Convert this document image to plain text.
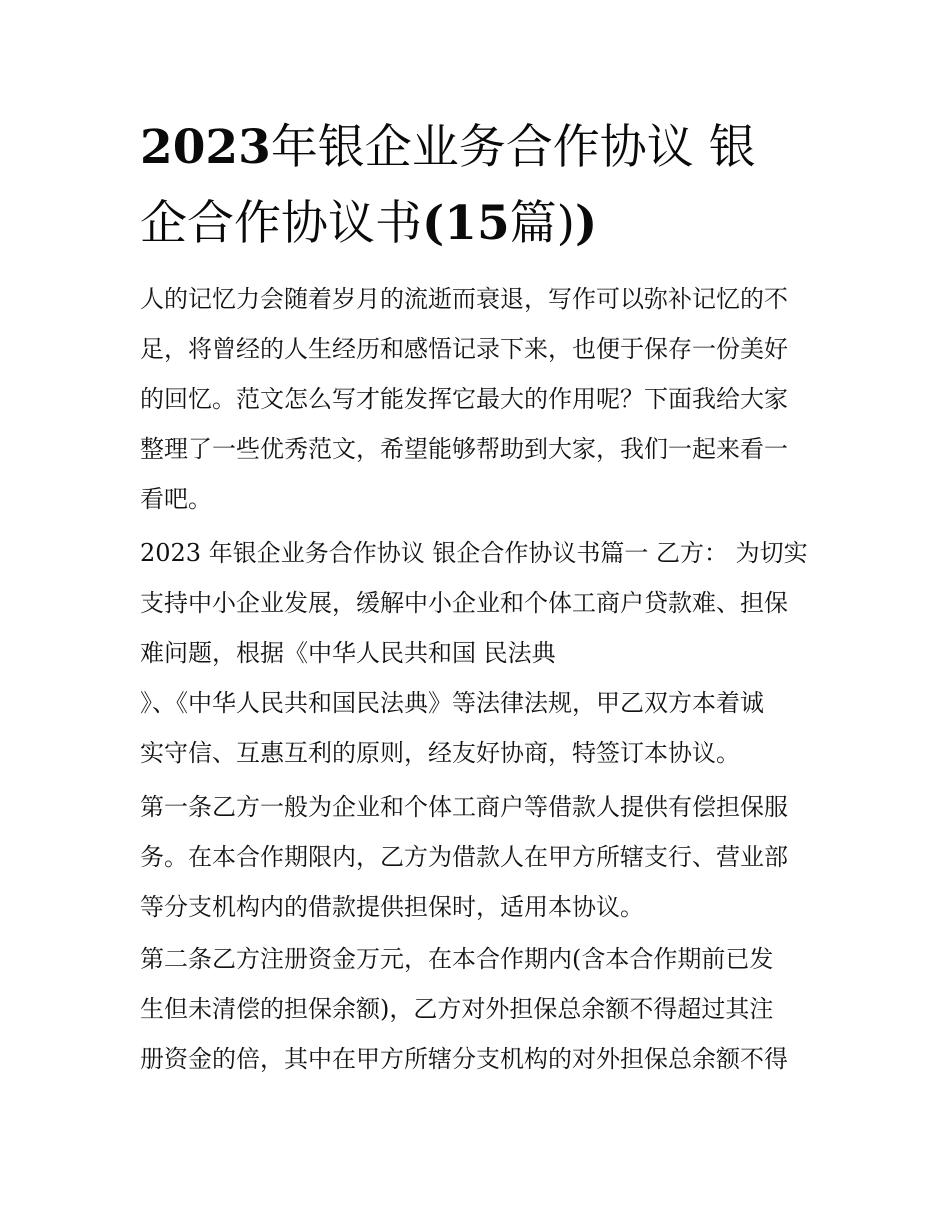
2023年银企业务合作协议 银
企合作协议书(15篇))
人的记忆力会随着岁月的流逝而衰退，写作可以弥补记忆的不
足，将曾经的人生经历和感悟记录下来，也便于保存一份美好
的回忆。范文怎么写才能发挥它最大的作用呢？下面我给大家
整理了一些优秀范文，希望能够帮助到大家，我们一起来看一
看吧。
2023 年银企业务合作协议 银企合作协议书篇一 乙方： 为切实
支持中小企业发展，缓解中小企业和个体工商户贷款难、担保
难问题，根据《中华人民共和国 民法典
》、《中华人民共和国民法典》等法律法规，甲乙双方本着诚
实守信、互惠互利的原则，经友好协商，特签订本协议。
第一条乙方一般为企业和个体工商户等借款人提供有偿担保服
务。在本合作期限内，乙方为借款人在甲方所辖支行、营业部
等分支机构内的借款提供担保时，适用本协议。
第二条乙方注册资金万元，在本合作期内(含本合作期前已发
生但未清偿的担保余额)，乙方对外担保总余额不得超过其注
册资金的倍，其中在甲方所辖分支机构的对外担保总余额不得
